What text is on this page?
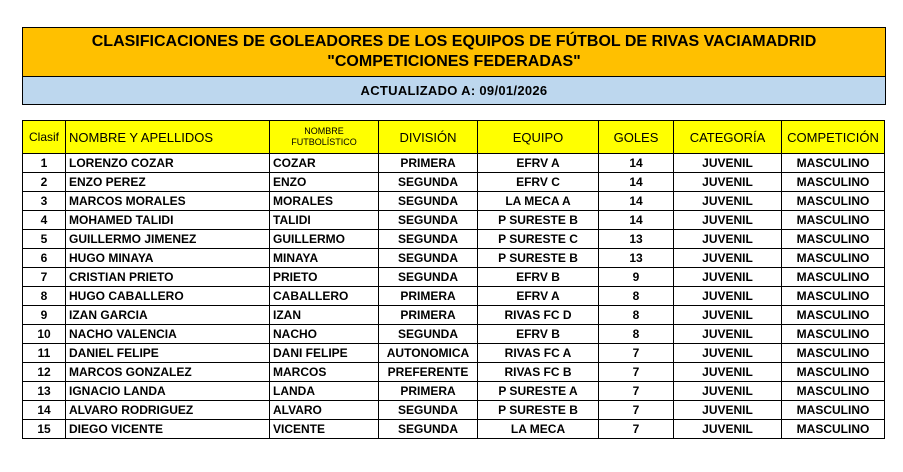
CLASIFICACIONES DE GOLEADORES DE LOS EQUIPOS DE FÚTBOL DE RIVAS VACIAMADRID
"COMPETICIONES FEDERADAS"
ACTUALIZADO A: 09/01/2026
Clasif	NOMBRE Y APELLIDOS	NOMBRE
FUTBOLÍSTICO	DIVISIÓN	EQUIPO	GOLES	CATEGORÍA	COMPETICIÓN
1	LORENZO COZAR	COZAR	PRIMERA	EFRV A	14	JUVENIL	MASCULINO
2	ENZO PEREZ	ENZO	SEGUNDA	EFRV C	14	JUVENIL	MASCULINO
3	MARCOS MORALES	MORALES	SEGUNDA	LA MECA A	14	JUVENIL	MASCULINO
4	MOHAMED TALIDI	TALIDI	SEGUNDA	P SURESTE B	14	JUVENIL	MASCULINO
5	GUILLERMO JIMENEZ	GUILLERMO	SEGUNDA	P SURESTE C	13	JUVENIL	MASCULINO
6	HUGO MINAYA	MINAYA	SEGUNDA	P SURESTE B	13	JUVENIL	MASCULINO
7	CRISTIAN PRIETO	PRIETO	SEGUNDA	EFRV B	9	JUVENIL	MASCULINO
8	HUGO CABALLERO	CABALLERO	PRIMERA	EFRV A	8	JUVENIL	MASCULINO
9	IZAN GARCIA	IZAN	PRIMERA	RIVAS FC D	8	JUVENIL	MASCULINO
10	NACHO VALENCIA	NACHO	SEGUNDA	EFRV B	8	JUVENIL	MASCULINO
11	DANIEL FELIPE	DANI FELIPE	AUTONOMICA	RIVAS FC A	7	JUVENIL	MASCULINO
12	MARCOS GONZALEZ	MARCOS	PREFERENTE	RIVAS FC B	7	JUVENIL	MASCULINO
13	IGNACIO LANDA	LANDA	PRIMERA	P SURESTE A	7	JUVENIL	MASCULINO
14	ALVARO RODRIGUEZ	ALVARO	SEGUNDA	P SURESTE B	7	JUVENIL	MASCULINO
15	DIEGO VICENTE	VICENTE	SEGUNDA	LA MECA	7	JUVENIL	MASCULINO
